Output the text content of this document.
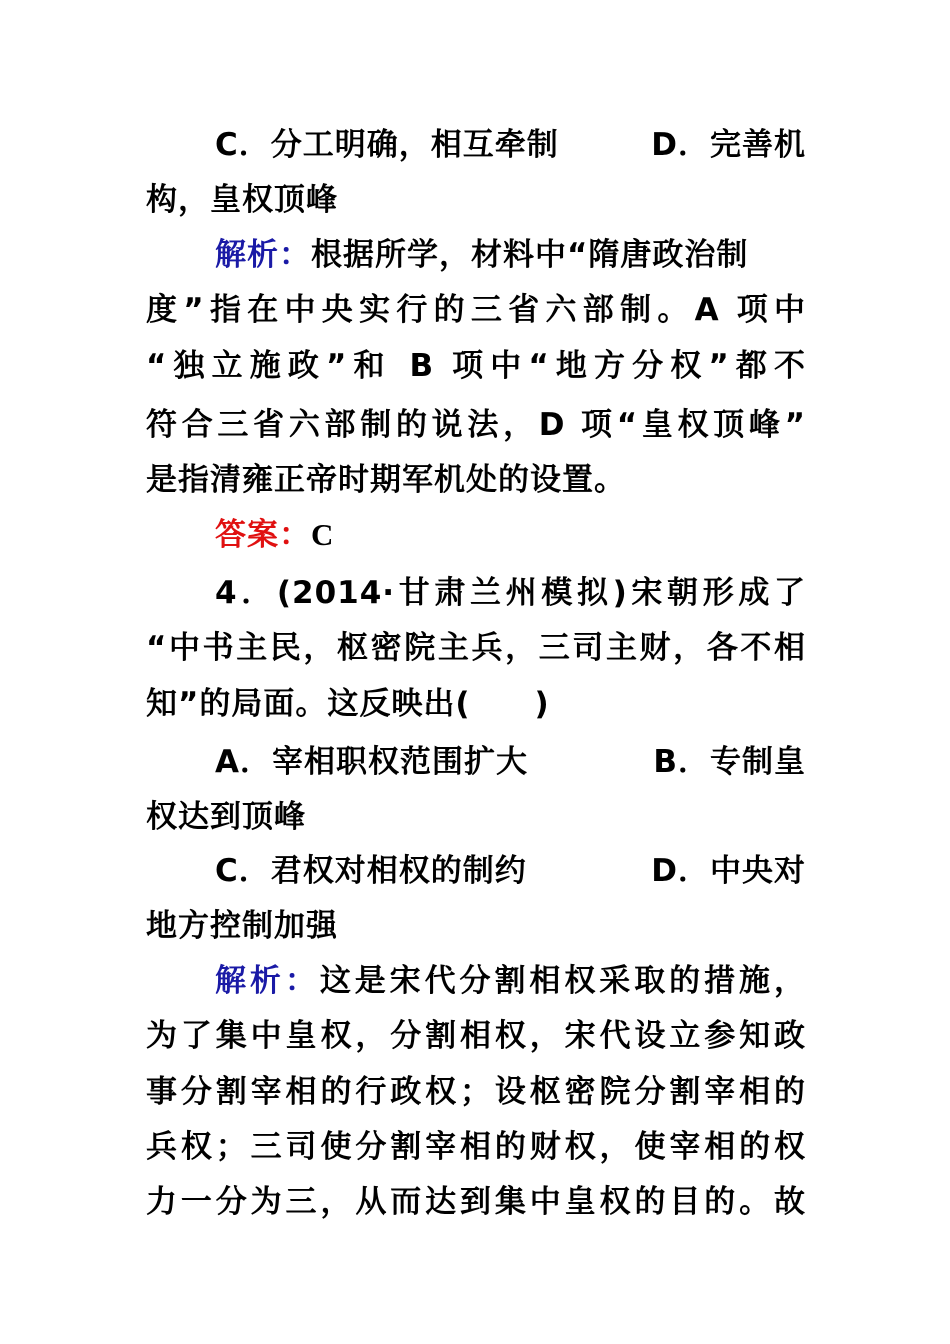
C．分工明确，相互牵制	D．完善机
构，皇权顶峰
解析：根据所学，材料中“隋唐政治制
度”指在中央实行的三省六部制。A 项中
“独立施政”和 B 项中“地方分权”都不
符合三省六部制的说法，D 项“皇权顶峰”
是指清雍正帝时期军机处的设置。
答案：C
4．(2014·甘肃兰州模拟)宋朝形成了
“中书主民，枢密院主兵，三司主财，各不相
知”的局面。这反映出(　　)
A．宰相职权范围扩大	B．专制皇
权达到顶峰
C．君权对相权的制约	D．中央对
地方控制加强
解析：这是宋代分割相权采取的措施，
为了集中皇权，分割相权，宋代设立参知政
事分割宰相的行政权；设枢密院分割宰相的
兵权；三司使分割宰相的财权，使宰相的权
力一分为三，从而达到集中皇权的目的。故
